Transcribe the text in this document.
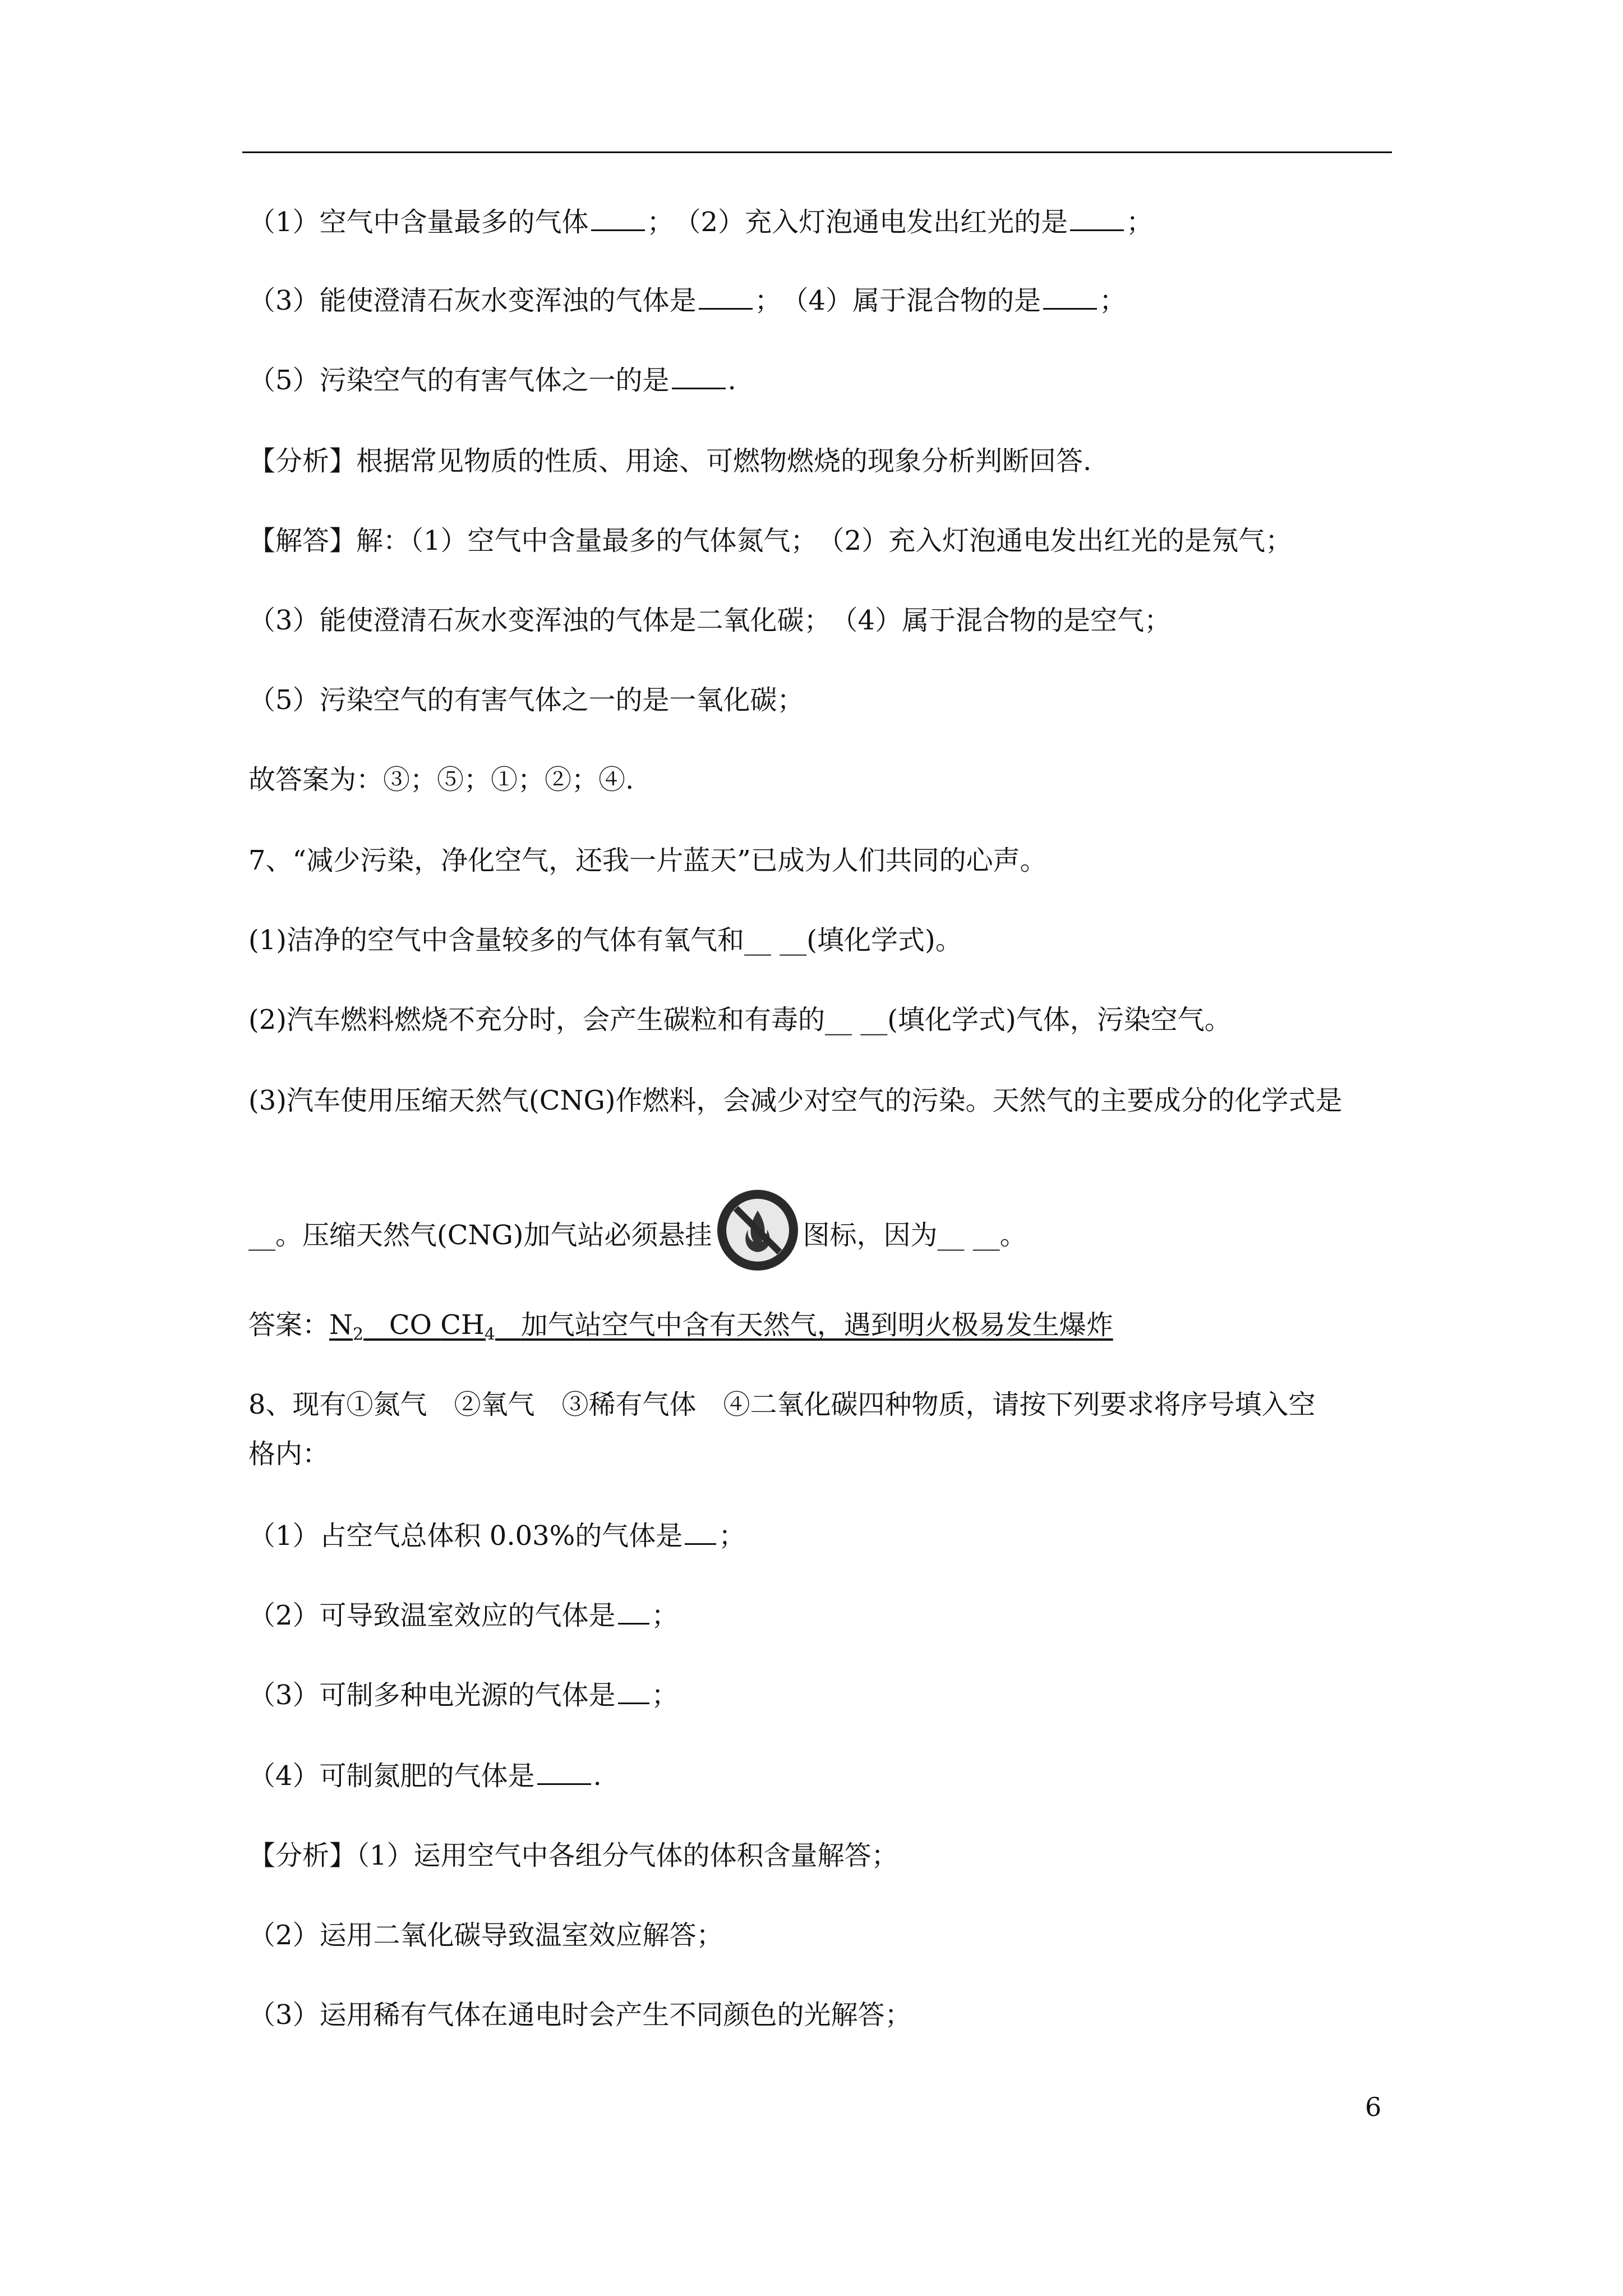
（1）空气中含量最多的气体 ；　（2）充入灯泡通电发出红光的是 ；
（3）能使澄清石灰水变浑浊的气体是 ；　（4）属于混合物的是 ；
（5）污染空气的有害气体之一的是 .
【分析】根据常见物质的性质、用途、可燃物燃烧的现象分析判断回答.
【解答】解：（1）空气中含量最多的气体氮气；　（2）充入灯泡通电发出红光的是氖气；
（3）能使澄清石灰水变浑浊的气体是二氧化碳；　（4）属于混合物的是空气；
（5）污染空气的有害气体之一的是一氧化碳；
故答案为：③；⑤；①；②；④.
7、“减少污染，净化空气，还我一片蓝天”已成为人们共同的心声。
(1)洁净的空气中含量较多的气体有氧气和__ __(填化学式)。
(2)汽车燃料燃烧不充分时，会产生碳粒和有毒的__ __(填化学式)气体，污染空气。
(3)汽车使用压缩天然气(CNG)作燃料，会减少对空气的污染。天然气的主要成分的化学式是
__。压缩天然气(CNG)加气站必须悬挂	图标，因为__ __。
答案：$N_2$ CO $CH_4$ 加气站空气中含有天然气，遇到明火极易发生爆炸
8、现有①氮气　②氧气　③稀有气体　④二氧化碳四种物质，请按下列要求将序号填入空
格内：
（1）占空气总体积 0.03%的气体是 ；
（2）可导致温室效应的气体是 ；
（3）可制多种电光源的气体是 ；
（4）可制氮肥的气体是 .
【分析】（1）运用空气中各组分气体的体积含量解答；
（2）运用二氧化碳导致温室效应解答；
（3）运用稀有气体在通电时会产生不同颜色的光解答；
6
